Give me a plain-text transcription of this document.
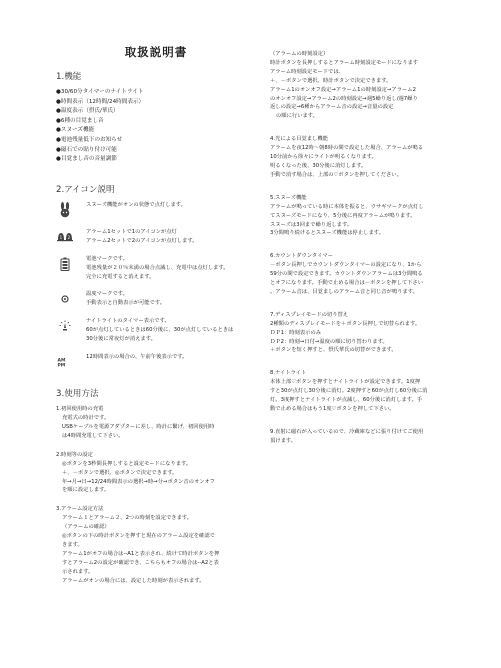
取扱説明書
1.機能
●30/60分タイマーのナイトライト
●時間表示（12時間/24時間表示）
●温度表示（摂氏/華氏）
●6種の目覚まし音
●スヌーズ機能
●電池残量低下のお知らせ
●磁石での貼り付け可能
●目覚まし音の音量調節
2.アイコン説明
スヌーズ機能がオンの状態で点灯します。
1 2
アラーム1セットで1のアイコンが点灯
アラーム2セットで2のアイコンが点灯します。
電池マークです。
電池残量が２０％未満の場合点滅し、充電中は点灯します。
完全に充電すると消えます。
温度マークです。
手動表示と自動表示が可能です。
ナイトライトのタイマー表示です。
60が点灯しているときは60分後に、30が点灯しているときは
30分後に常夜灯が消えます。
AM
PM
12時間表示の場合の、午前午後表示です。
3.使用方法
1.初回使用時の充電
充電式の時計です。
USBケーブルを電源アダプターに差し、時計に繋げ、初回使用時
は4時間充電して下さい。
2.時刻等の設定
◎ボタンを3秒間長押しすると設定モードになります。
＋、－ボタンで選択、◎ボタンで決定できます。
年→月→日→12/24時間表示の選択→時→分→ボタン音のオンオフ
を順に設定します。
3.アラーム設定方法
アラーム１とアラーム２、2つの時刻を設定できます。
（アラームの確認）
◎ボタンの下の時計ボタンを押すと現在のアラーム設定を確認で
きます。
アラーム1がオフの場合は--A1と表示され、続けて時計ボタンを押
すとアラーム2の設定が確認でき、こちらもオフの場合は--A2と表
示されます。
アラームがオンの場合には、設定した時刻が表示されます。
（アラームの時刻設定）
時計ボタンを長押しするとアラーム時刻設定モードになります
アラーム時刻設定モードでは、
＋、－ボタンで選択、時計ボタンで決定できます。
アラーム1のオンオフ設定→アラーム1の時刻設定→アラーム2
のオンオフ設定→アラーム2の時刻設定→週5繰り返し/週7繰り
返しの設定→6種からアラーム音の設定→音量の設定
の順に行います。
4.光による目覚まし機能
アラームを夜12時〜朝8時の間で設定した場合、アラームが鳴る
10分前から徐々にライトが明るくなります。
明るくなった後、30分後に消灯します。
手動で消す場合は、上部の♡ボタンを押してください。
5.スヌーズ機能
アラームが鳴っている時に本体を振ると、ウサギマークが点灯し
てスヌーズモードになり、5分後に再度アラームが鳴ります。
スヌーズは3回まで繰り返します。
3分間鳴り続けるとスヌーズ機能は停止します。
6.カウントダウンタイマー
－ボタン長押しでカウントダウンタイマーの設定になり、1から
59分の間で設定できます。カウントダウンアラームは3分間鳴る
とオフになります。手動で止める場合は－ボタンを押して下さい
。アラーム音は、目覚ましのアラーム音と同じ音が鳴ります。
7.ディスプレイモードの切り替え
2種類のディスプレイモードを＋ボタン長押しで切替られます。
ＤＰ1：時刻表示のみ
ＤＰ2：時刻→日付→温度の順に切り替わります。
＋ボタンを短く押すと、摂氏華氏の切替ができます。
8.ナイトライト
本体上部♡ボタンを押すとナイトライトが設定できます。1度押
すと30が点灯し30分後に消灯。2度押すと60が点灯し60分後に消
灯。3度押すとナイトライトが点滅し、60分後に消灯します。手
動で止める場合はもう1度♡ボタンを押して下さい。
9.直射に磁石が入っているので、冷蔵庫などに張り付けてご使用
頂けます。
